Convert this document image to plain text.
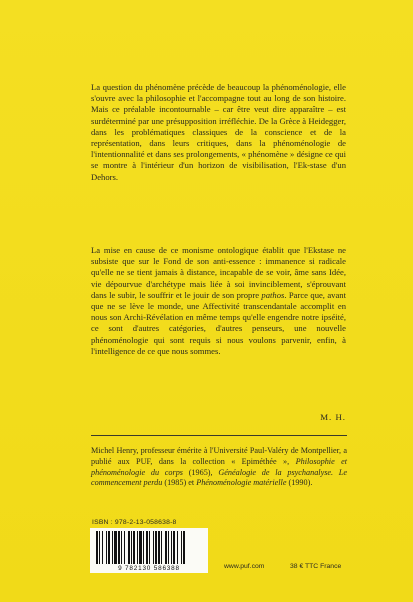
La question du phénomène précède de beaucoup la phénoménologie, elle s'ouvre avec la philosophie et l'accompagne tout au long de son histoire. Mais ce préalable incontournable – car être veut dire apparaître – est surdéterminé par une présupposition irréfléchie. De la Grèce à Heidegger, dans les problématiques classiques de la conscience et de la représentation, dans leurs critiques, dans la phénoménologie de l'intentionnalité et dans ses prolongements, « phénomène » désigne ce qui se montre à l'intérieur d'un horizon de visibilisation, l'Ek-stase d'un Dehors.

La mise en cause de ce monisme ontologique établit que l'Ekstase ne subsiste que sur le Fond de son anti-essence : immanence si radicale qu'elle ne se tient jamais à distance, incapable de se voir, âme sans Idée, vie dépourvue d'archétype mais liée à soi invinciblement, s'éprouvant dans le subir, le souffrir et le jouir de son propre pathos. Parce que, avant que ne se lève le monde, une Affectivité transcendantale accomplit en nous son Archi-Révélation en même temps qu'elle engendre notre ipséité, ce sont d'autres catégories, d'autres penseurs, une nouvelle phénoménologie qui sont requis si nous voulons parvenir, enfin, à l'intelligence de ce que nous sommes.

M. H.

Michel Henry, professeur émérite à l'Université Paul-Valéry de Montpellier, a publié aux PUF, dans la collection « Epiméthée », Philosophie et phénoménologie du corps (1965), Généalogie de la psychanalyse. Le commencement perdu (1985) et Phénoménologie matérielle (1990).

ISBN : 978-2-13-058638-8
9 782130 586388	www.puf.com	38 € TTC France
